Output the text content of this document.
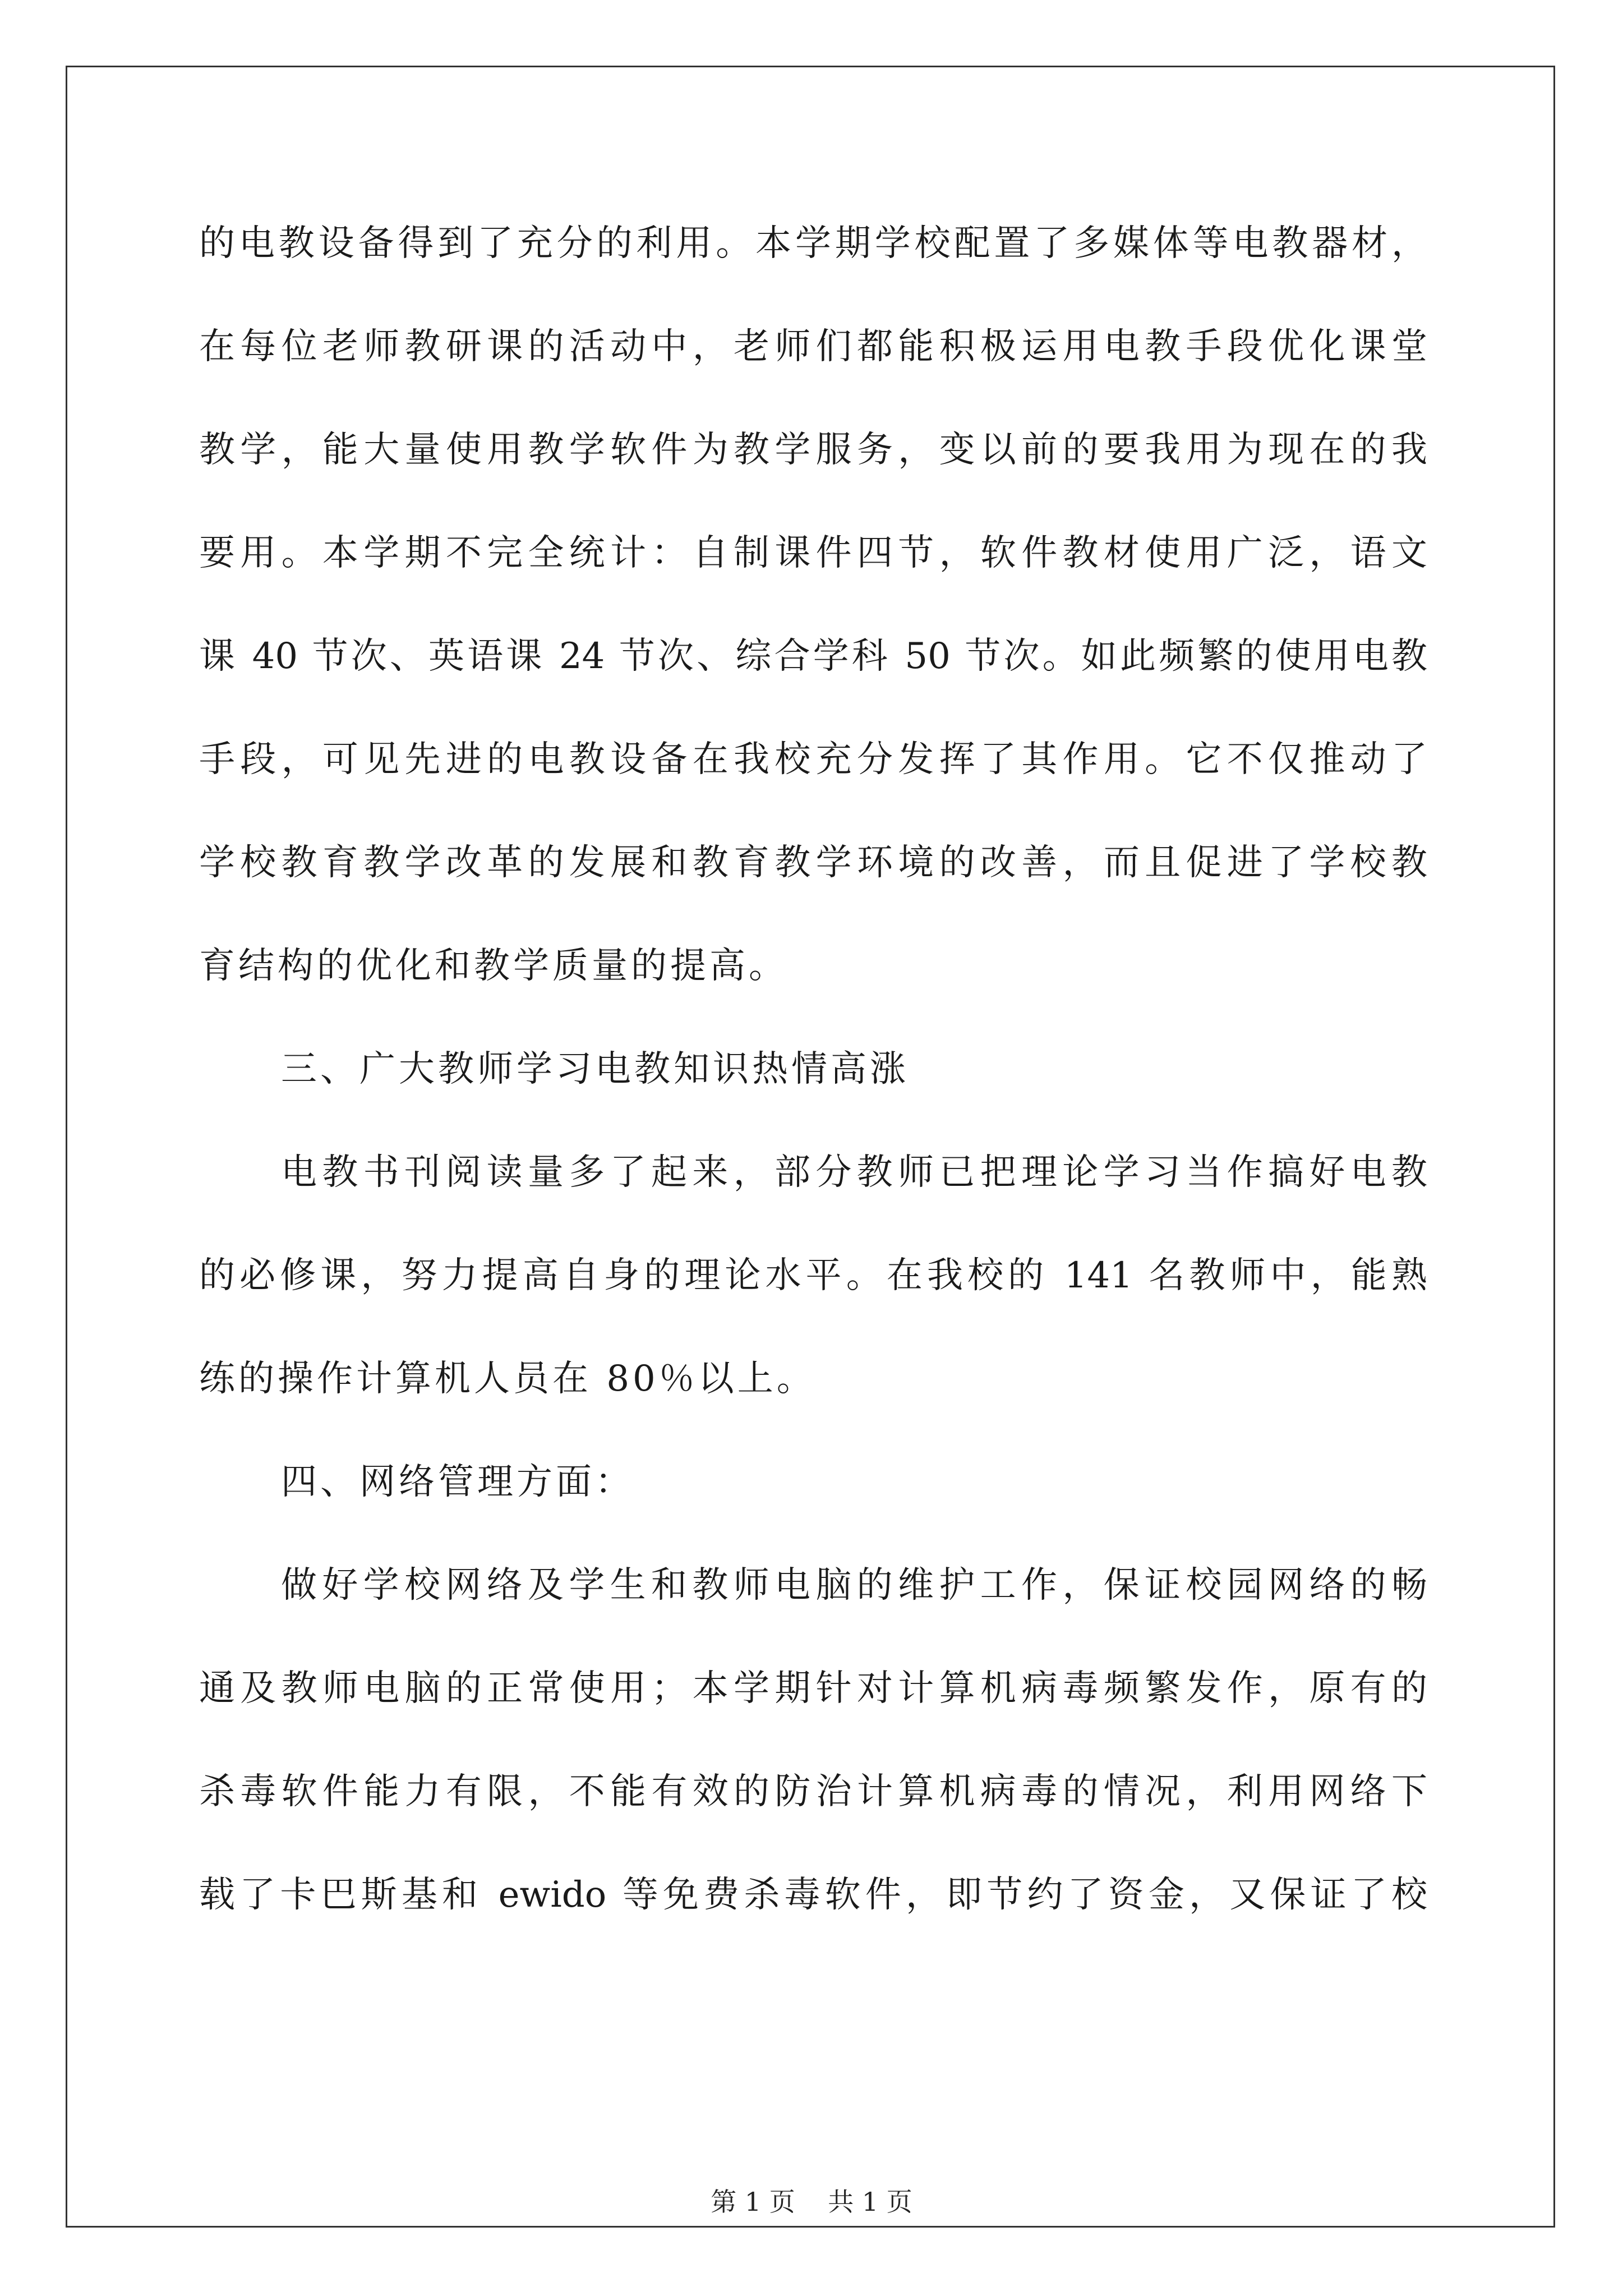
的电教设备得到了充分的利用。本学期学校配置了多媒体等电教器材，
在每位老师教研课的活动中，老师们都能积极运用电教手段优化课堂
教学，能大量使用教学软件为教学服务，变以前的要我用为现在的我
要用。本学期不完全统计：自制课件四节，软件教材使用广泛，语文
课 40 节次、英语课 24 节次、综合学科 50 节次。如此频繁的使用电教
手段，可见先进的电教设备在我校充分发挥了其作用。它不仅推动了
学校教育教学改革的发展和教育教学环境的改善，而且促进了学校教
育结构的优化和教学质量的提高。
三、广大教师学习电教知识热情高涨
电教书刊阅读量多了起来，部分教师已把理论学习当作搞好电教
的必修课，努力提高自身的理论水平。在我校的 141 名教师中，能熟
练的操作计算机人员在 80％以上。
四、网络管理方面：
做好学校网络及学生和教师电脑的维护工作，保证校园网络的畅
通及教师电脑的正常使用；本学期针对计算机病毒频繁发作，原有的
杀毒软件能力有限，不能有效的防治计算机病毒的情况，利用网络下
载了卡巴斯基和 ewido 等免费杀毒软件，即节约了资金，又保证了校
第 1 页    共 1 页
